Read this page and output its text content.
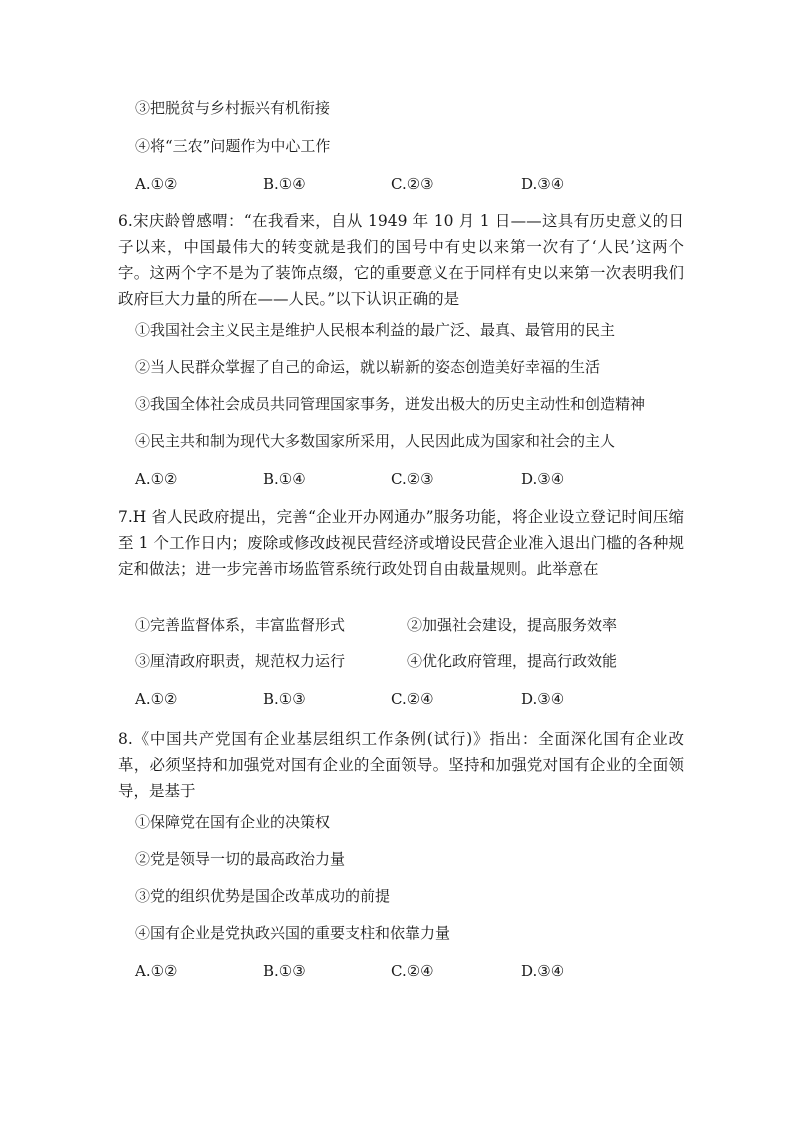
③把脱贫与乡村振兴有机衔接
④将“三农”问题作为中心工作
A.①②	B.①④	C.②③	D.③④
6.宋庆龄曾感喟：“在我看来，自从 1949 年 10 月 1 日——这具有历史意义的日子以来，中国最伟大的转变就是我们的国号中有史以来第一次有了‘人民’这两个字。这两个字不是为了装饰点缀，它的重要意义在于同样有史以来第一次表明我们政府巨大力量的所在——人民。”以下认识正确的是
①我国社会主义民主是维护人民根本利益的最广泛、最真、最管用的民主
②当人民群众掌握了自己的命运，就以崭新的姿态创造美好幸福的生活
③我国全体社会成员共同管理国家事务，迸发出极大的历史主动性和创造精神
④民主共和制为现代大多数国家所采用，人民因此成为国家和社会的主人
A.①②	B.①④	C.②③	D.③④
7.H 省人民政府提出，完善“企业开办网通办”服务功能，将企业设立登记时间压缩至 1 个工作日内；废除或修改歧视民营经济或增设民营企业准入退出门槛的各种规定和做法；进一步完善市场监管系统行政处罚自由裁量规则。此举意在
①完善监督体系，丰富监督形式	②加强社会建设，提高服务效率
③厘清政府职责，规范权力运行	④优化政府管理，提高行政效能
A.①②	B.①③	C.②④	D.③④
8.《中国共产党国有企业基层组织工作条例(试行)》指出：全面深化国有企业改革，必须坚持和加强党对国有企业的全面领导。坚持和加强党对国有企业的全面领导，是基于
①保障党在国有企业的决策权
②党是领导一切的最高政治力量
③党的组织优势是国企改革成功的前提
④国有企业是党执政兴国的重要支柱和依靠力量
A.①②	B.①③	C.②④	D.③④
